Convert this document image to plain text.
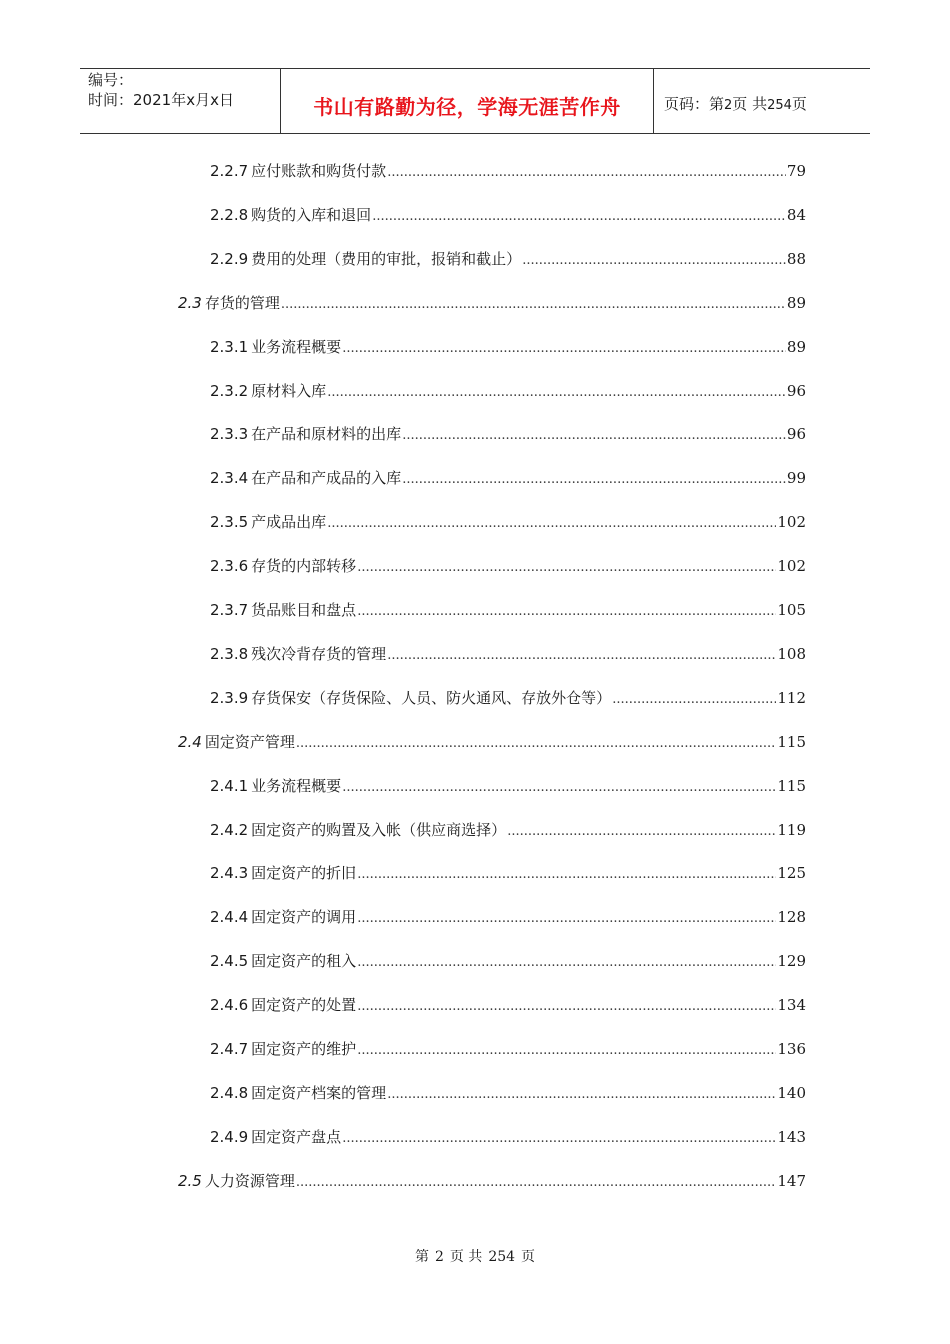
编号：
时间：2021年x月x日	书山有路勤为径，学海无涯苦作舟	页码：第2页 共254页
2.2.7 应付账款和购货付款 .....	79
2.2.8 购货的入库和退回 .....	84
2.2.9 费用的处理（费用的审批，报销和截止） .....	88
2.3 存货的管理 .....	89
2.3.1 业务流程概要 .....	89
2.3.2 原材料入库 .....	96
2.3.3 在产品和原材料的出库 .....	96
2.3.4 在产品和产成品的入库 .....	99
2.3.5 产成品出库 .....	102
2.3.6 存货的内部转移 .....	102
2.3.7 货品账目和盘点 .....	105
2.3.8 残次冷背存货的管理 .....	108
2.3.9 存货保安（存货保险、人员、防火通风、存放外仓等） .....	112
2.4 固定资产管理 .....	115
2.4.1 业务流程概要 .....	115
2.4.2 固定资产的购置及入帐（供应商选择） .....	119
2.4.3 固定资产的折旧 .....	125
2.4.4 固定资产的调用 .....	128
2.4.5 固定资产的租入 .....	129
2.4.6 固定资产的处置 .....	134
2.4.7 固定资产的维护 .....	136
2.4.8 固定资产档案的管理 .....	140
2.4.9 固定资产盘点 .....	143
2.5 人力资源管理 .....	147
第 2 页 共 254 页
